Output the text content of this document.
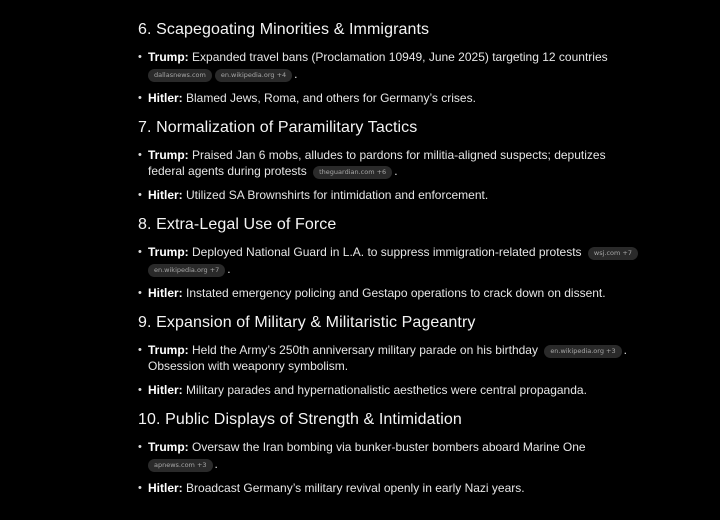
6. Scapegoating Minorities & Immigrants
• Trump: Expanded travel bans (Proclamation 10949, June 2025) targeting 12 countries
dallasnews.com en.wikipedia.org +4 .
• Hitler: Blamed Jews, Roma, and others for Germany’s crises.
7. Normalization of Paramilitary Tactics
• Trump: Praised Jan 6 mobs, alludes to pardons for militia-aligned suspects; deputizes federal agents during protests theguardian.com +6 .
• Hitler: Utilized SA Brownshirts for intimidation and enforcement.
8. Extra-Legal Use of Force
• Trump: Deployed National Guard in L.A. to suppress immigration-related protests wsj.com +7
en.wikipedia.org +7 .
• Hitler: Instated emergency policing and Gestapo operations to crack down on dissent.
9. Expansion of Military & Militaristic Pageantry
• Trump: Held the Army’s 250th anniversary military parade on his birthday en.wikipedia.org +3 .
Obsession with weaponry symbolism.
• Hitler: Military parades and hypernationalistic aesthetics were central propaganda.
10. Public Displays of Strength & Intimidation
• Trump: Oversaw the Iran bombing via bunker-buster bombers aboard Marine One
apnews.com +3 .
• Hitler: Broadcast Germany’s military revival openly in early Nazi years.
